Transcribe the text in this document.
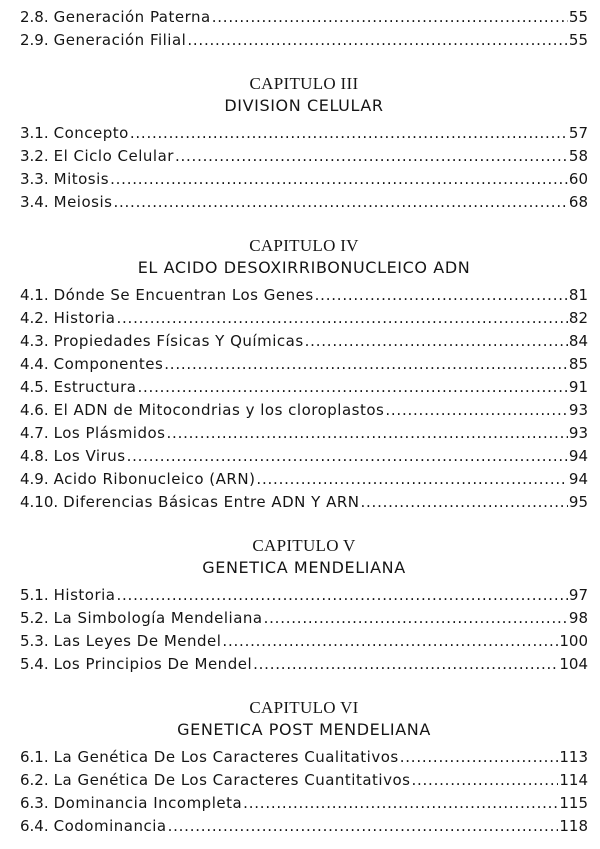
2.8. Generación Paterna . . .	55
2.9. Generación Filial . . .	55
CAPITULO III
DIVISION CELULAR
3.1. Concepto . . .	57
3.2. El Ciclo Celular . . .	58
3.3. Mitosis . . .	60
3.4. Meiosis . . .	68
CAPITULO IV
EL ACIDO DESOXIRRIBONUCLEICO ADN
4.1. Dónde Se Encuentran Los Genes . . .	81
4.2. Historia . . .	82
4.3. Propiedades Físicas Y Químicas . . .	84
4.4. Componentes . . .	85
4.5. Estructura . . .	91
4.6. El ADN de Mitocondrias y los cloroplastos . . .	93
4.7. Los Plásmidos . . .	93
4.8. Los Virus . . .	94
4.9. Acido Ribonucleico (ARN) . . .	94
4.10. Diferencias Básicas Entre ADN Y ARN . . .	95
CAPITULO V
GENETICA MENDELIANA
5.1. Historia . . .	97
5.2. La Simbología Mendeliana . . .	98
5.3. Las Leyes De Mendel . . .	100
5.4. Los Principios De Mendel . . .	104
CAPITULO VI
GENETICA POST MENDELIANA
6.1. La Genética De Los Caracteres Cualitativos . . .	113
6.2. La Genética De Los Caracteres Cuantitativos . . .	114
6.3. Dominancia Incompleta . . .	115
6.4. Codominancia . . .	118
